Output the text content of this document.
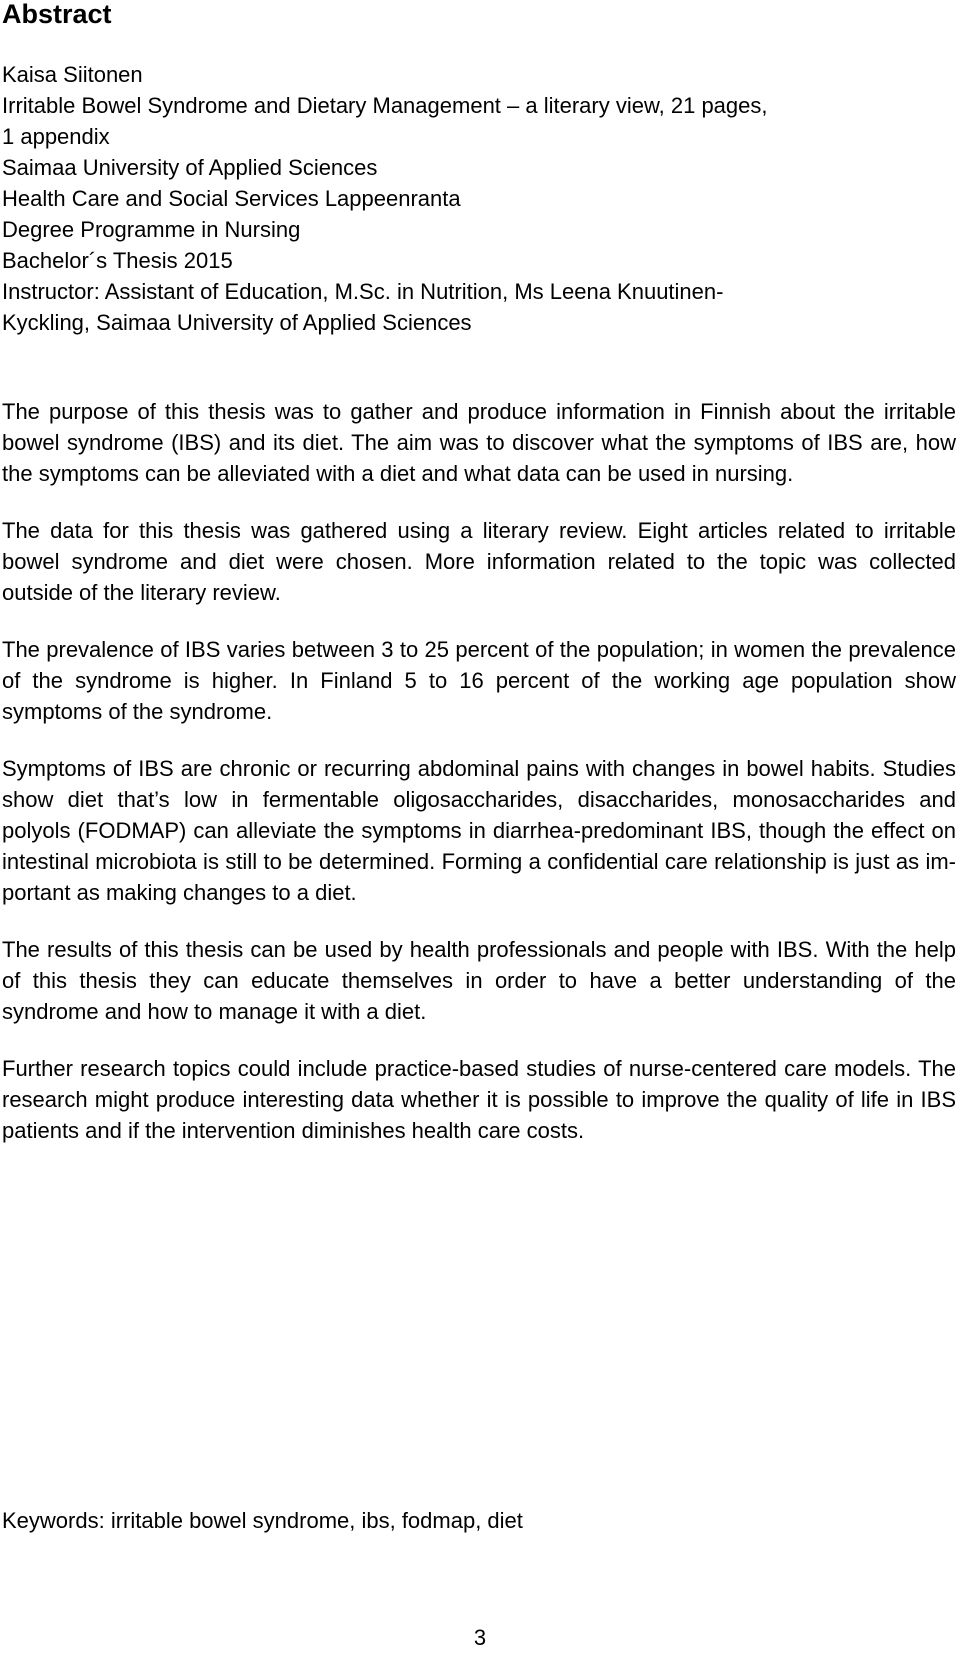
Abstract
Kaisa Siitonen
Irritable Bowel Syndrome and Dietary Management – a literary view, 21 pages,
1 appendix
Saimaa University of Applied Sciences
Health Care and Social Services Lappeenranta
Degree Programme in Nursing
Bachelor´s Thesis 2015
Instructor: Assistant of Education, M.Sc. in Nutrition, Ms Leena Knuutinen-
Kyckling, Saimaa University of Applied Sciences

The purpose of this thesis was to gather and produce information in Finnish about the irritable bowel syndrome (IBS) and its diet. The aim was to discover what the symptoms of IBS are, how the symptoms can be alleviated with a diet and what data can be used in nursing.

The data for this thesis was gathered using a literary review. Eight articles related to irritable bowel syndrome and diet were chosen. More information related to the topic was collected outside of the literary review.

The prevalence of IBS varies between 3 to 25 percent of the population; in women the prevalence of the syndrome is higher. In Finland 5 to 16 percent of the working age population show symptoms of the syndrome.

Symptoms of IBS are chronic or recurring abdominal pains with changes in bowel habits. Studies show diet that’s low in fermentable oligosaccharides, disaccharides, monosaccharides and polyols (FODMAP) can alleviate the symptoms in diarrhea-predominant IBS, though the effect on intestinal microbiota is still to be determined. Forming a confidential care relationship is just as important as making changes to a diet.

The results of this thesis can be used by health professionals and people with IBS. With the help of this thesis they can educate themselves in order to have a better understanding of the syndrome and how to manage it with a diet.

Further research topics could include practice-based studies of nurse-centered care models. The research might produce interesting data whether it is possible to improve the quality of life in IBS patients and if the intervention diminishes health care costs.

Keywords: irritable bowel syndrome, ibs, fodmap, diet
3
